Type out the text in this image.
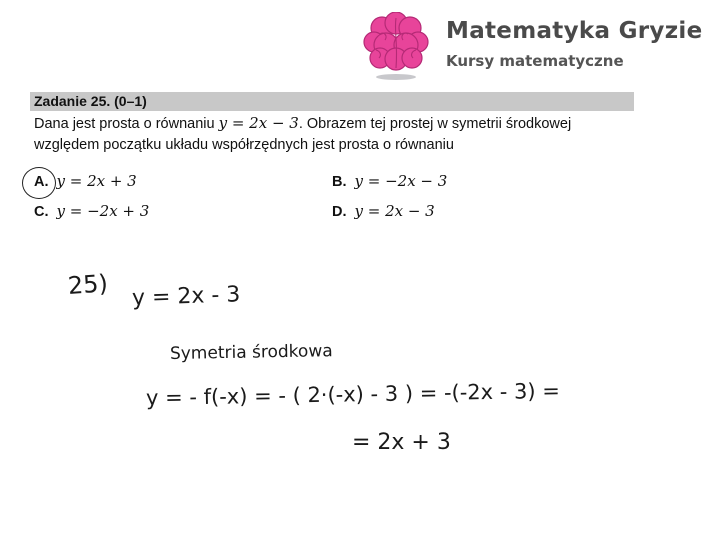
Matematyka Gryzie
Kursy matematyczne
Zadanie 25. (0–1)
Dana jest prosta o równaniu y = 2x − 3. Obrazem tej prostej w symetrii środkowej względem początku układu współrzędnych jest prosta o równaniu
A. y = 2x + 3	B. y = −2x − 3
C. y = −2x + 3	D. y = 2x − 3
25) y = 2x - 3
Symetria środkowa
y = - f(-x) = - ( 2·(-x) - 3 ) = -(-2x - 3) =
= 2x + 3
